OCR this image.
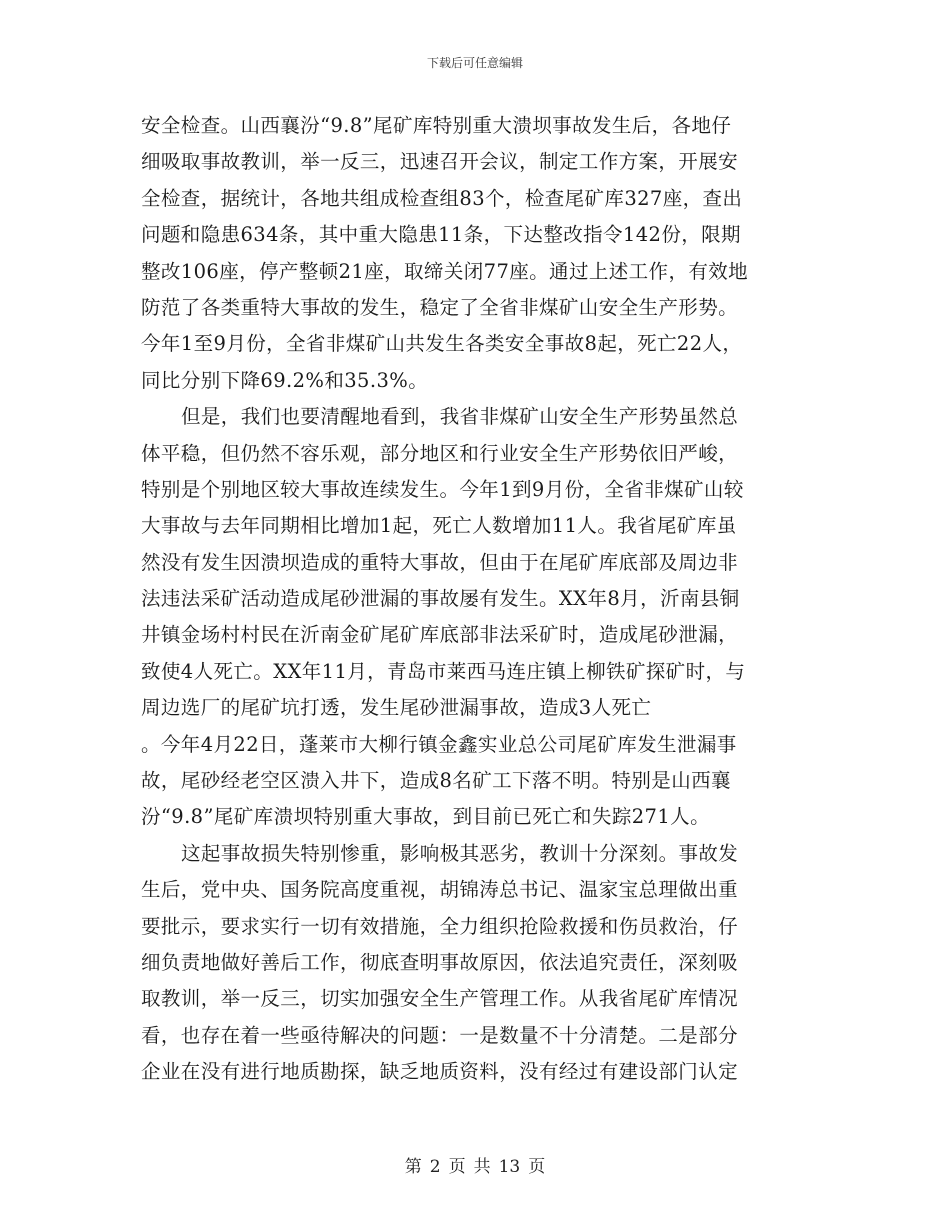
下载后可任意编辑
安全检查。山西襄汾“9.8”尾矿库特别重大溃坝事故发生后，各地仔
细吸取事故教训，举一反三，迅速召开会议，制定工作方案，开展安
全检查，据统计，各地共组成检查组83个，检查尾矿库327座，查出
问题和隐患634条，其中重大隐患11条，下达整改指令142份，限期
整改106座，停产整顿21座，取缔关闭77座。通过上述工作，有效地
防范了各类重特大事故的发生，稳定了全省非煤矿山安全生产形势。
今年1至9月份，全省非煤矿山共发生各类安全事故8起，死亡22人，
同比分别下降69.2%和35.3%。
但是，我们也要清醒地看到，我省非煤矿山安全生产形势虽然总
体平稳，但仍然不容乐观，部分地区和行业安全生产形势依旧严峻，
特别是个别地区较大事故连续发生。今年1到9月份，全省非煤矿山较
大事故与去年同期相比增加1起，死亡人数增加11人。我省尾矿库虽
然没有发生因溃坝造成的重特大事故，但由于在尾矿库底部及周边非
法违法采矿活动造成尾砂泄漏的事故屡有发生。XX年8月，沂南县铜
井镇金场村村民在沂南金矿尾矿库底部非法采矿时，造成尾砂泄漏，
致使4人死亡。XX年11月，青岛市莱西马连庄镇上柳铁矿探矿时，与
周边选厂的尾矿坑打透，发生尾砂泄漏事故，造成3人死亡
。今年4月22日，蓬莱市大柳行镇金鑫实业总公司尾矿库发生泄漏事
故，尾砂经老空区溃入井下，造成8名矿工下落不明。特别是山西襄
汾“9.8”尾矿库溃坝特别重大事故，到目前已死亡和失踪271人。
这起事故损失特别惨重，影响极其恶劣，教训十分深刻。事故发
生后，党中央、国务院高度重视，胡锦涛总书记、温家宝总理做出重
要批示，要求实行一切有效措施，全力组织抢险救援和伤员救治，仔
细负责地做好善后工作，彻底查明事故原因，依法追究责任，深刻吸
取教训，举一反三，切实加强安全生产管理工作。从我省尾矿库情况
看，也存在着一些亟待解决的问题：一是数量不十分清楚。二是部分
企业在没有进行地质勘探，缺乏地质资料，没有经过有建设部门认定
第 2 页 共 13 页
